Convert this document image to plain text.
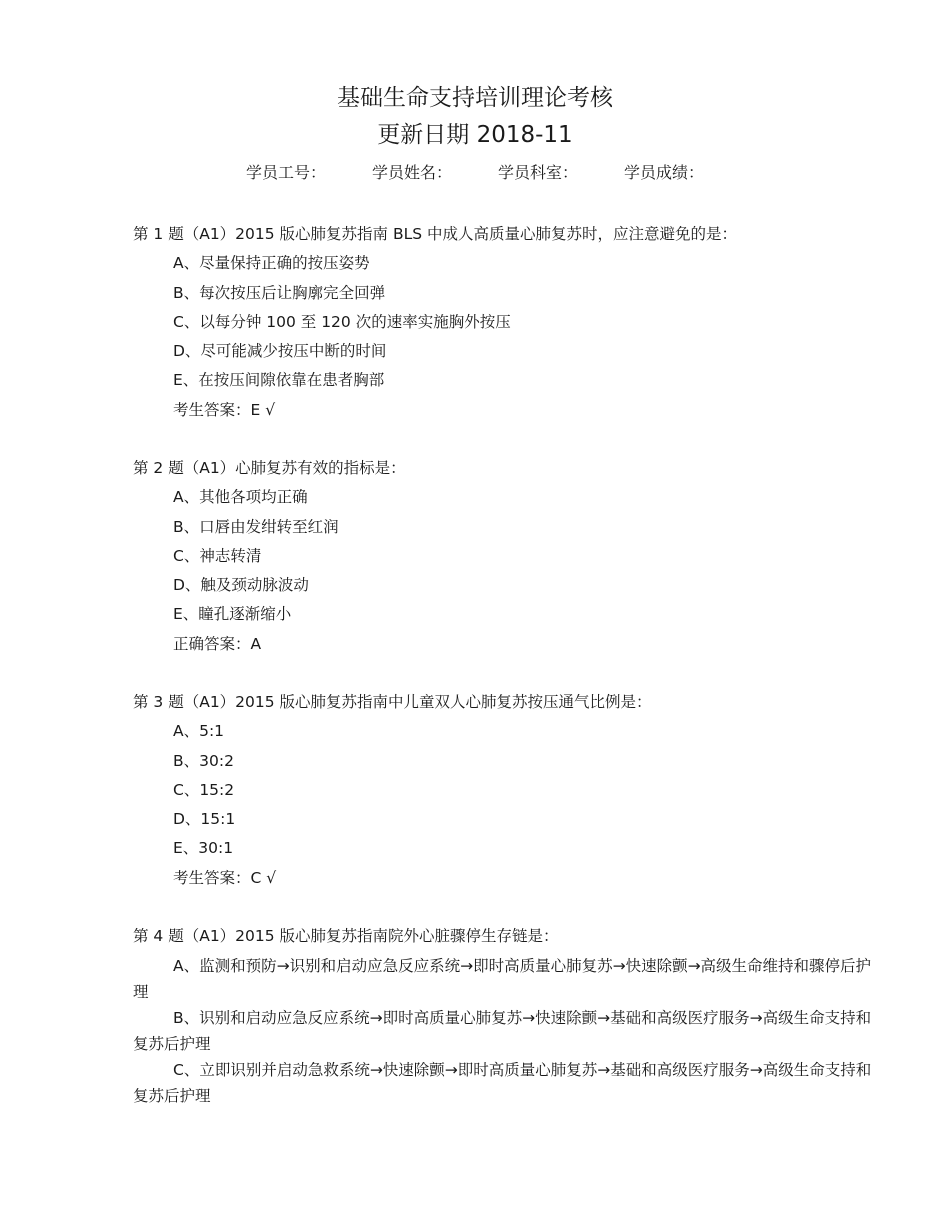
基础生命支持培训理论考核
更新日期 2018-11
学员工号：	学员姓名：	学员科室：	学员成绩：
第 1 题（A1）2015 版心肺复苏指南 BLS 中成人高质量心肺复苏时，应注意避免的是：
A、尽量保持正确的按压姿势
B、每次按压后让胸廓完全回弹
C、以每分钟 100 至 120 次的速率实施胸外按压
D、尽可能减少按压中断的时间
E、在按压间隙依靠在患者胸部
考生答案：E √
第 2 题（A1）心肺复苏有效的指标是：
A、其他各项均正确
B、口唇由发绀转至红润
C、神志转清
D、触及颈动脉波动
E、瞳孔逐渐缩小
正确答案：A
第 3 题（A1）2015 版心肺复苏指南中儿童双人心肺复苏按压通气比例是：
A、5:1
B、30:2
C、15:2
D、15:1
E、30:1
考生答案：C √
第 4 题（A1）2015 版心肺复苏指南院外心脏骤停生存链是：
A、监测和预防→识别和启动应急反应系统→即时高质量心肺复苏→快速除颤→高级生命维持和骤停后护理
B、识别和启动应急反应系统→即时高质量心肺复苏→快速除颤→基础和高级医疗服务→高级生命支持和复苏后护理
C、立即识别并启动急救系统→快速除颤→即时高质量心肺复苏→基础和高级医疗服务→高级生命支持和复苏后护理
